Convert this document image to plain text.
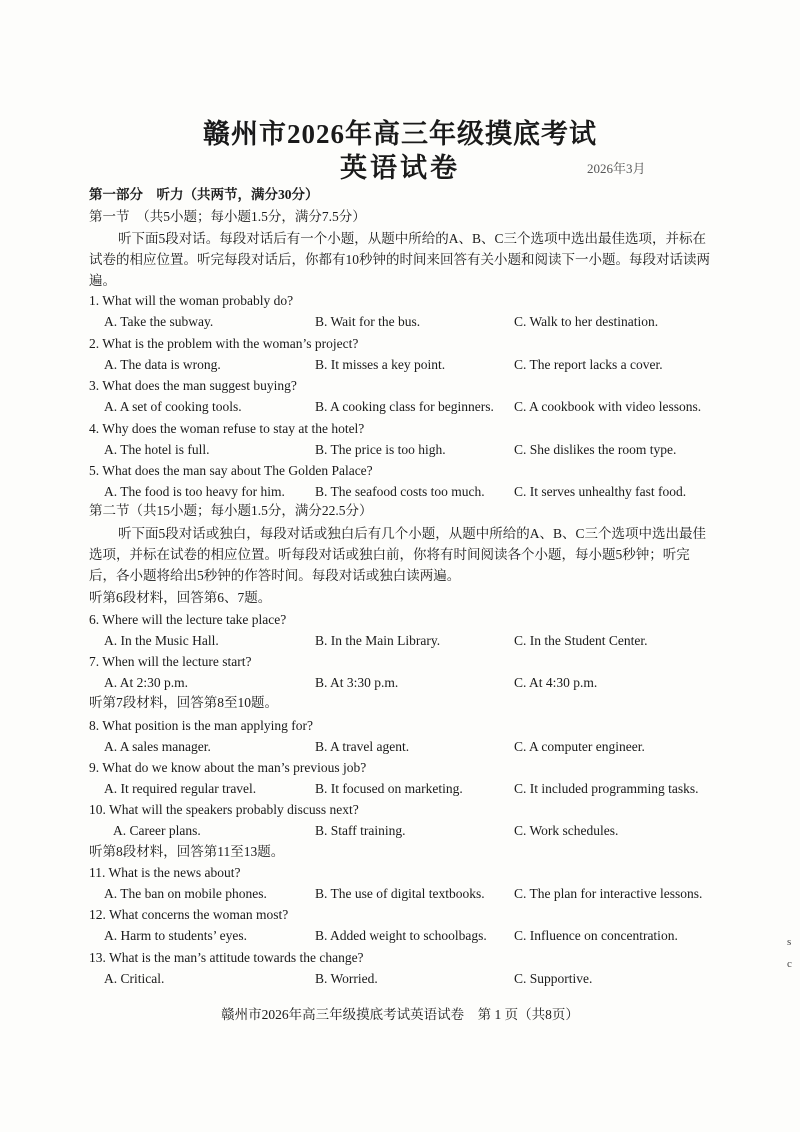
赣州市2026年高三年级摸底考试
英语试卷	2026年3月
第一部分　听力（共两节，满分30分）
第一节　（共5小题；每小题1.5分，满分7.5分）
听下面5段对话。每段对话后有一个小题，从题中所给的A、B、C三个选项中选出最佳选项，并标在试卷的相应位置。听完每段对话后，你都有10秒钟的时间来回答有关小题和阅读下一小题。每段对话读两遍。
第二节（共15小题；每小题1.5分，满分22.5分）
听下面5段对话或独白，每段对话或独白后有几个小题，从题中所给的A、B、C三个选项中选出最佳选项，并标在试卷的相应位置。听每段对话或独白前，你将有时间阅读各个小题，每小题5秒钟；听完后，各小题将给出5秒钟的作答时间。每段对话或独白读两遍。
听第6段材料，回答第6、7题。
听第7段材料，回答第8至10题。
听第8段材料，回答第11至13题。
1. What will the woman probably do?
A. Take the subway.	B. Wait for the bus.	C. Walk to her destination.
2. What is the problem with the woman’s project?
A. The data is wrong.	B. It misses a key point.	C. The report lacks a cover.
3. What does the man suggest buying?
A. A set of cooking tools.	B. A cooking class for beginners. C. A cookbook with video lessons.
4. Why does the woman refuse to stay at the hotel?
A. The hotel is full.	B. The price is too high.	C. She dislikes the room type.
5. What does the man say about The Golden Palace?
A. The food is too heavy for him. B. The seafood costs too much. C. It serves unhealthy fast food.
6. Where will the lecture take place?
A. In the Music Hall.	B. In the Main Library.	C. In the Student Center.
7. When will the lecture start?
A. At 2:30 p.m.	B. At 3:30 p.m.	C. At 4:30 p.m.
8. What position is the man applying for?
A. A sales manager.	B. A travel agent.	C. A computer engineer.
9. What do we know about the man’s previous job?
A. It required regular travel.	B. It focused on marketing.	C. It included programming tasks.
10. What will the speakers probably discuss next?
A. Career plans.	B. Staff training.	C. Work schedules.
11. What is the news about?
A. The ban on mobile phones.	B. The use of digital textbooks. C. The plan for interactive lessons.
12. What concerns the woman most?
A. Harm to students’ eyes.	B. Added weight to schoolbags. C. Influence on concentration.
13. What is the man’s attitude towards the change?
A. Critical.	B. Worried.	C. Supportive.
赣州市2026年高三年级摸底考试英语试卷　第 1 页（共8页）
s
c
